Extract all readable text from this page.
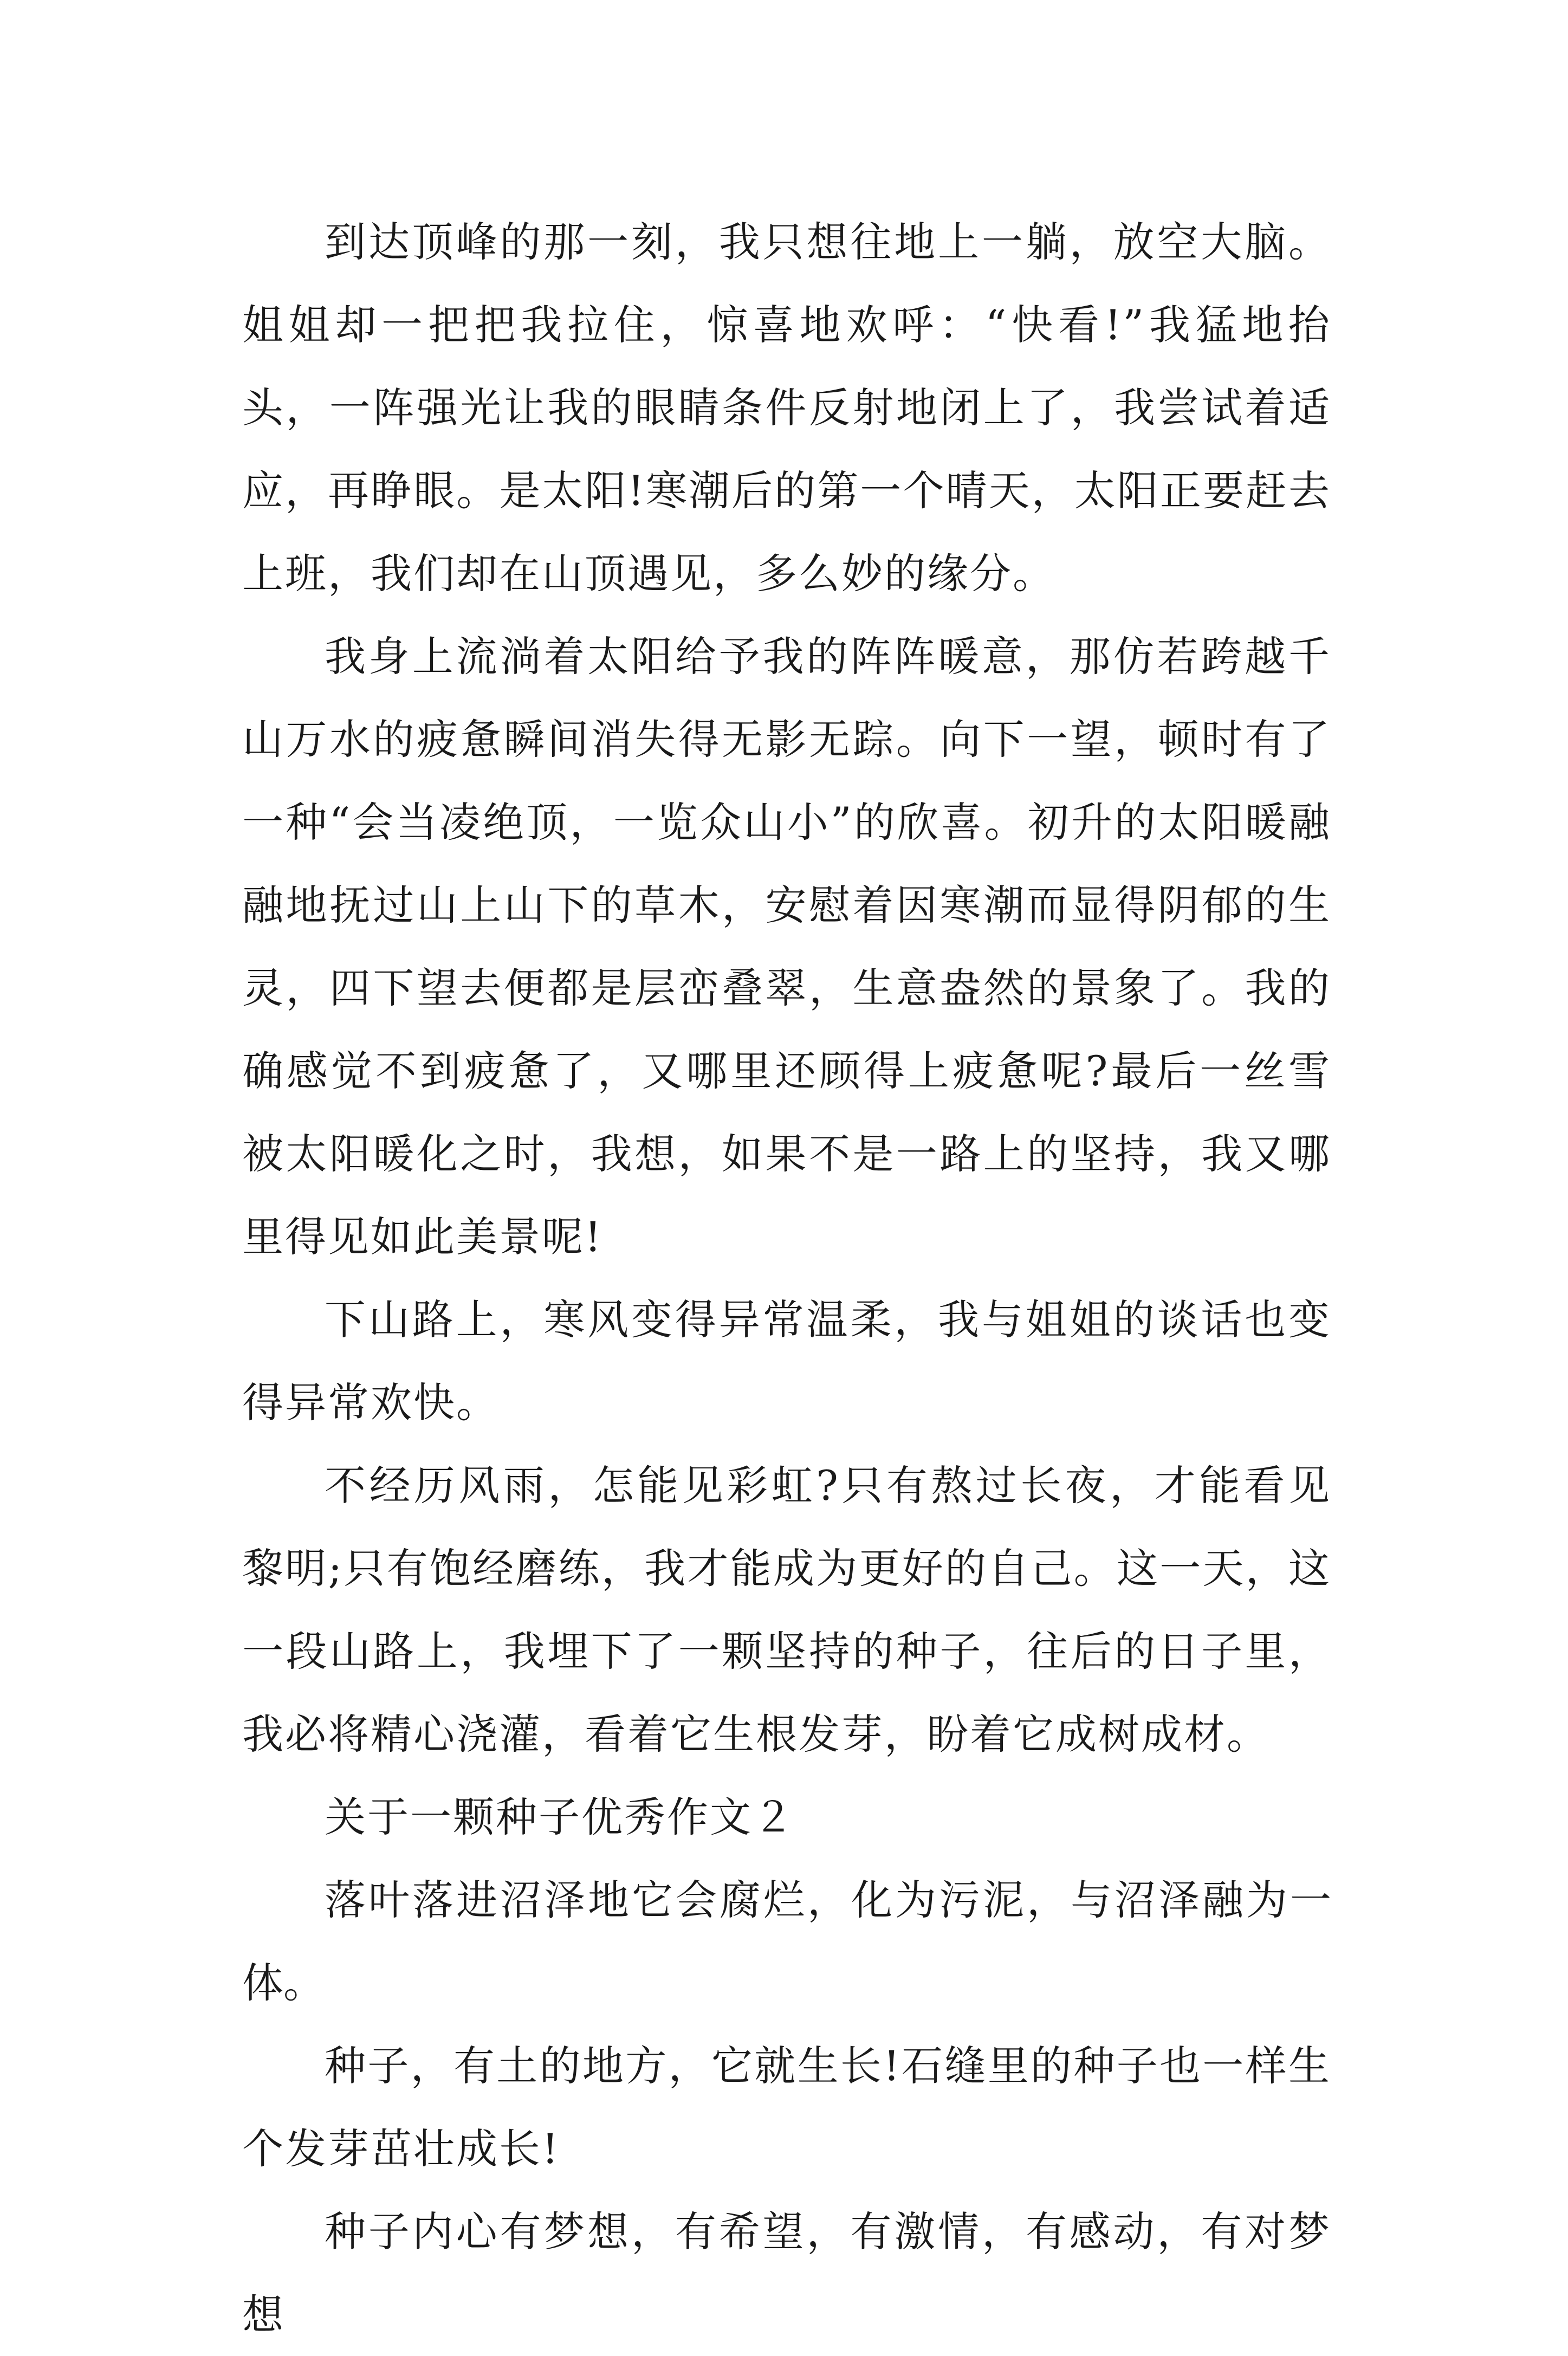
到达顶峰的那一刻，我只想往地上一躺，放空大脑。姐姐却一把把我拉住，惊喜地欢呼：“快看!”我猛地抬头，一阵强光让我的眼睛条件反射地闭上了，我尝试着适应，再睁眼。是太阳!寒潮后的第一个晴天，太阳正要赶去上班，我们却在山顶遇见，多么妙的缘分。

我身上流淌着太阳给予我的阵阵暖意，那仿若跨越千山万水的疲惫瞬间消失得无影无踪。向下一望，顿时有了一种“会当凌绝顶，一览众山小”的欣喜。初升的太阳暖融融地抚过山上山下的草木，安慰着因寒潮而显得阴郁的生灵，四下望去便都是层峦叠翠，生意盎然的景象了。我的确感觉不到疲惫了，又哪里还顾得上疲惫呢?最后一丝雪被太阳暖化之时，我想，如果不是一路上的坚持，我又哪里得见如此美景呢!

下山路上，寒风变得异常温柔，我与姐姐的谈话也变得异常欢快。

不经历风雨，怎能见彩虹?只有熬过长夜，才能看见黎明;只有饱经磨练，我才能成为更好的自己。这一天，这一段山路上，我埋下了一颗坚持的种子，往后的日子里，我必将精心浇灌，看着它生根发芽，盼着它成树成材。

关于一颗种子优秀作文２

落叶落进沼泽地它会腐烂，化为污泥，与沼泽融为一体。

种子，有土的地方，它就生长!石缝里的种子也一样生个发芽茁壮成长!

种子内心有梦想，有希望，有激情，有感动，有对梦想
